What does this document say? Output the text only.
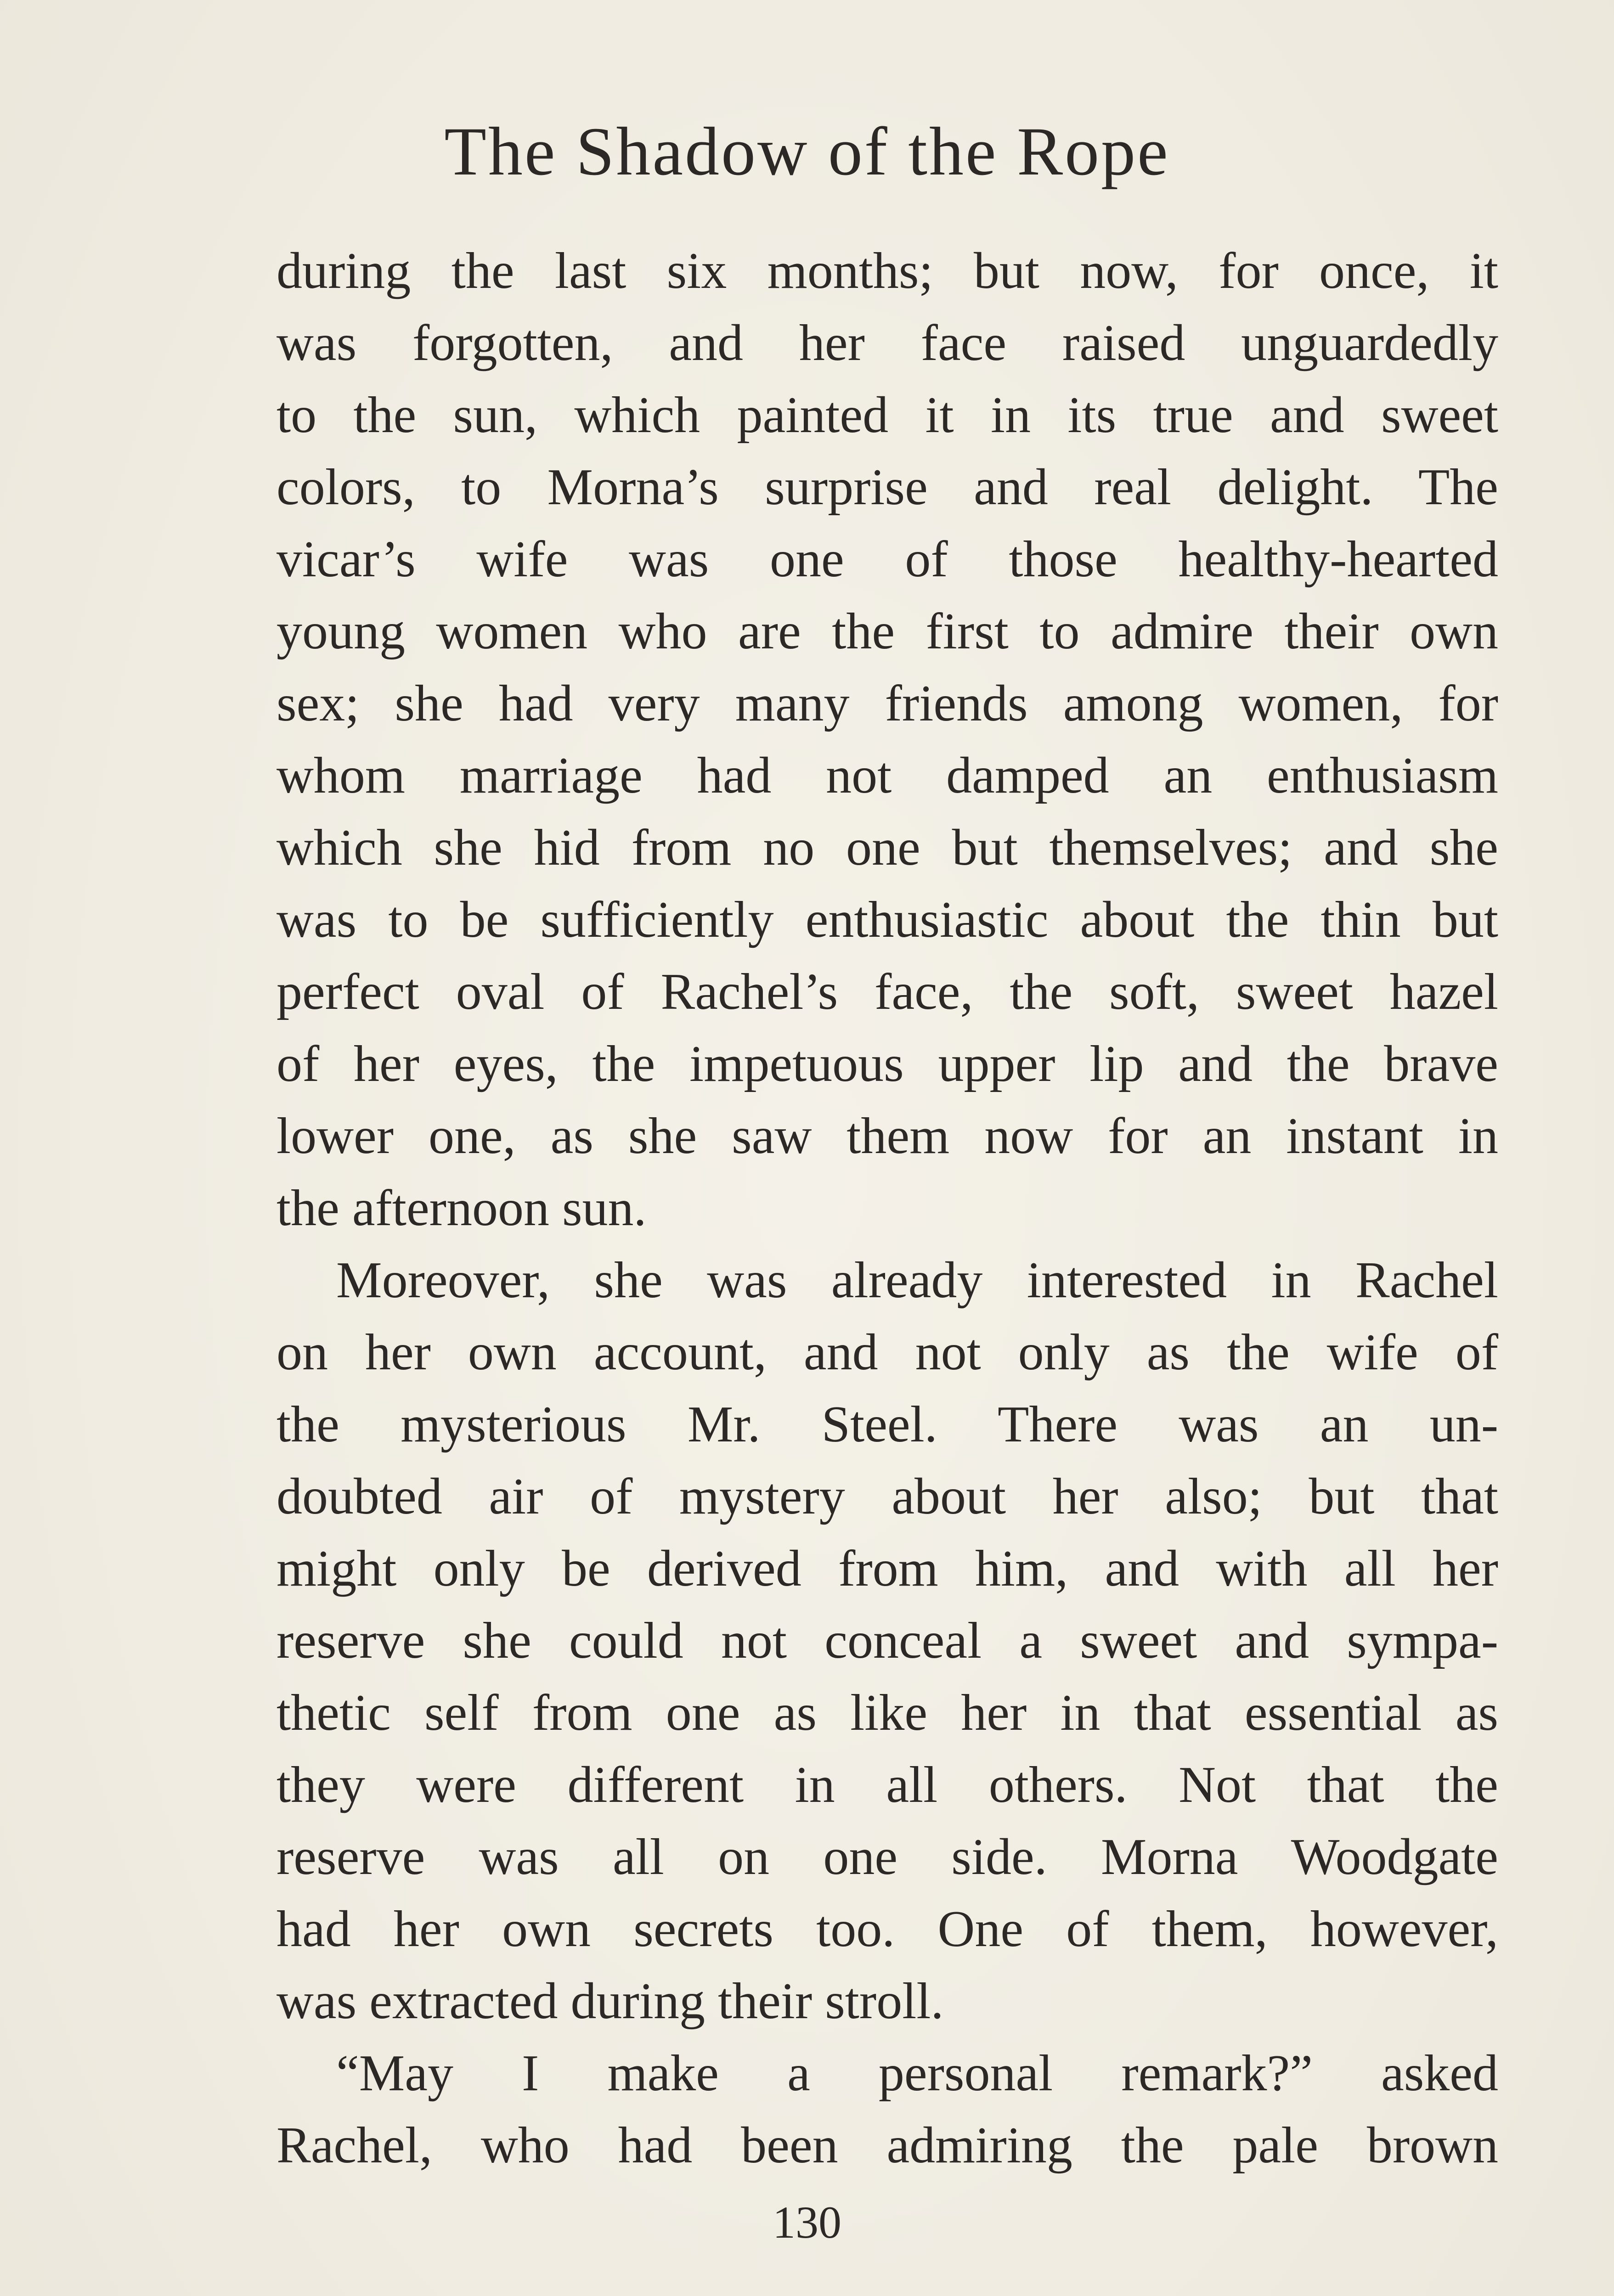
The Shadow of the Rope
during the last six months; but now, for once, it
was forgotten, and her face raised unguardedly
to the sun, which painted it in its true and sweet
colors, to Morna’s surprise and real delight. The
vicar’s wife was one of those healthy-hearted
young women who are the first to admire their own
sex; she had very many friends among women, for
whom marriage had not damped an enthusiasm
which she hid from no one but themselves; and she
was to be sufficiently enthusiastic about the thin but
perfect oval of Rachel’s face, the soft, sweet hazel
of her eyes, the impetuous upper lip and the brave
lower one, as she saw them now for an instant in
the afternoon sun.
Moreover, she was already interested in Rachel
on her own account, and not only as the wife of
the mysterious Mr. Steel. There was an un-
doubted air of mystery about her also; but that
might only be derived from him, and with all her
reserve she could not conceal a sweet and sympa-
thetic self from one as like her in that essential as
they were different in all others. Not that the
reserve was all on one side. Morna Woodgate
had her own secrets too. One of them, however,
was extracted during their stroll.
“May I make a personal remark?” asked
Rachel, who had been admiring the pale brown
130
